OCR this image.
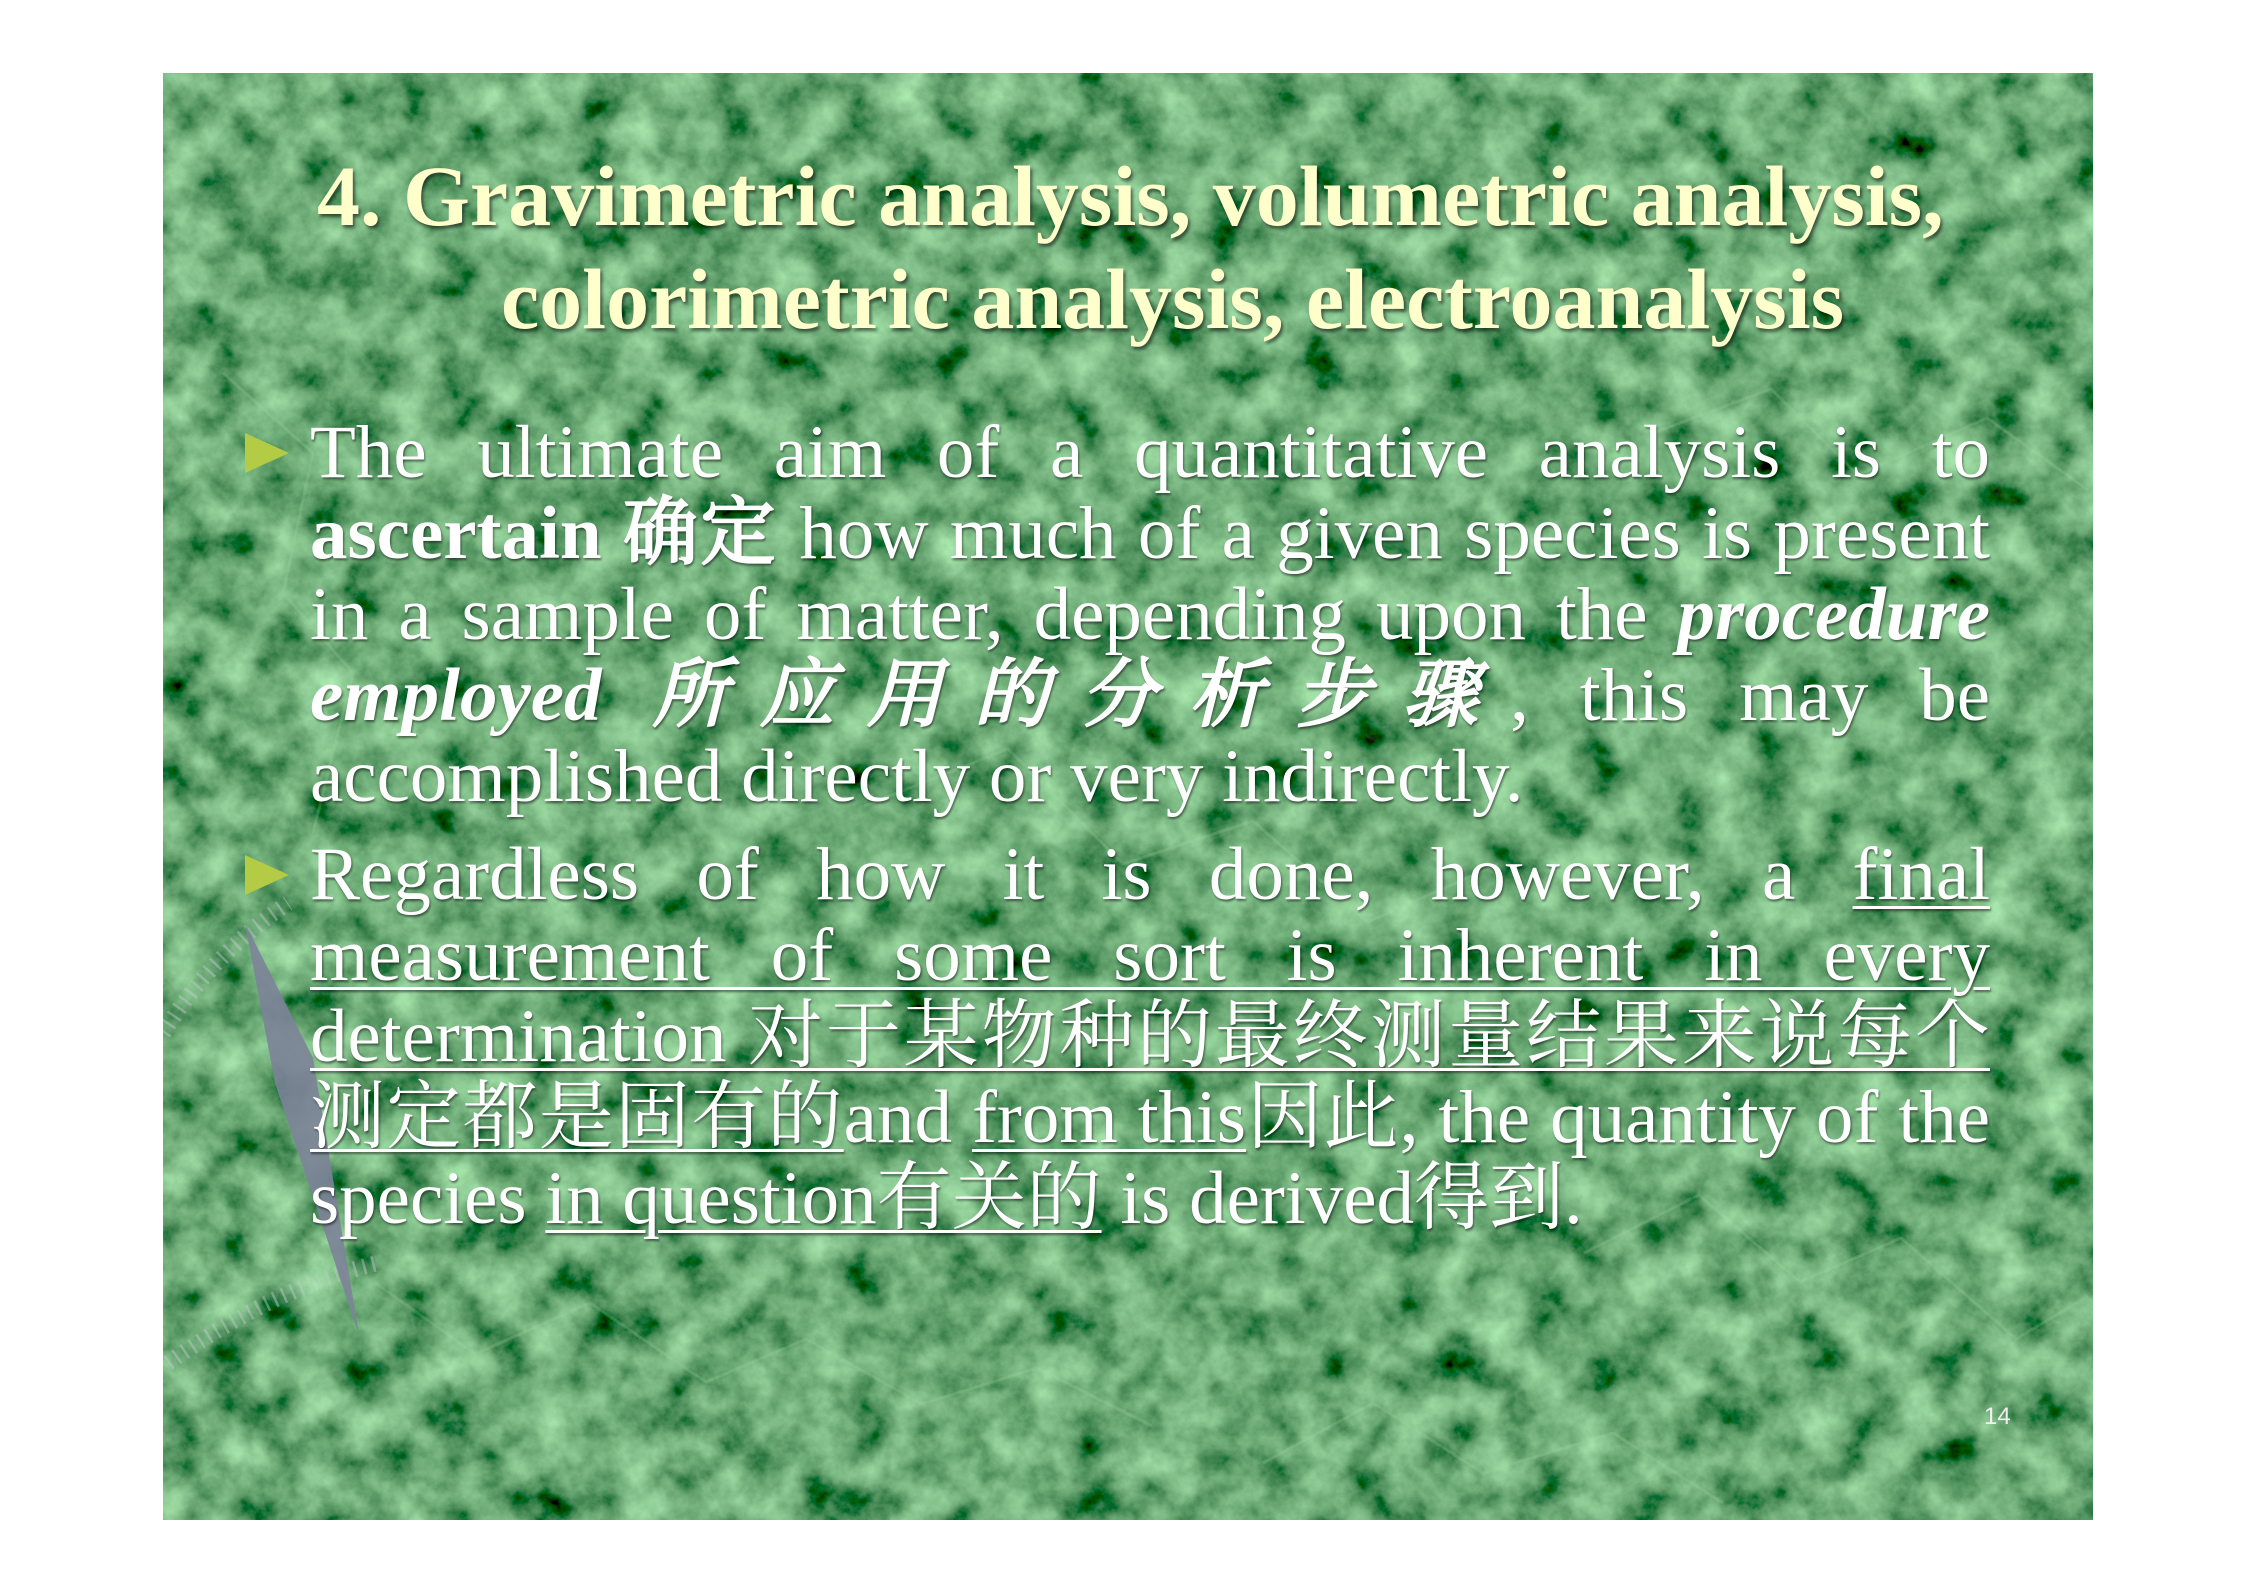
4. Gravimetric analysis, volumetric analysis,
colorimetric analysis, electroanalysis
The ultimate aim of a quantitative analysis is to
ascertain 确定 how much of a given species is present
in a sample of matter, depending upon the procedure
employed 所应用的分析步骤, this may be
accomplished directly or very indirectly.
Regardless of how it is done, however, a final
measurement of some sort is inherent in every
determination 对于某物种的最终测量结果来说每个
测定都是固有的and from this因此, the quantity of the
species in question有关的 is derived得到.
14
